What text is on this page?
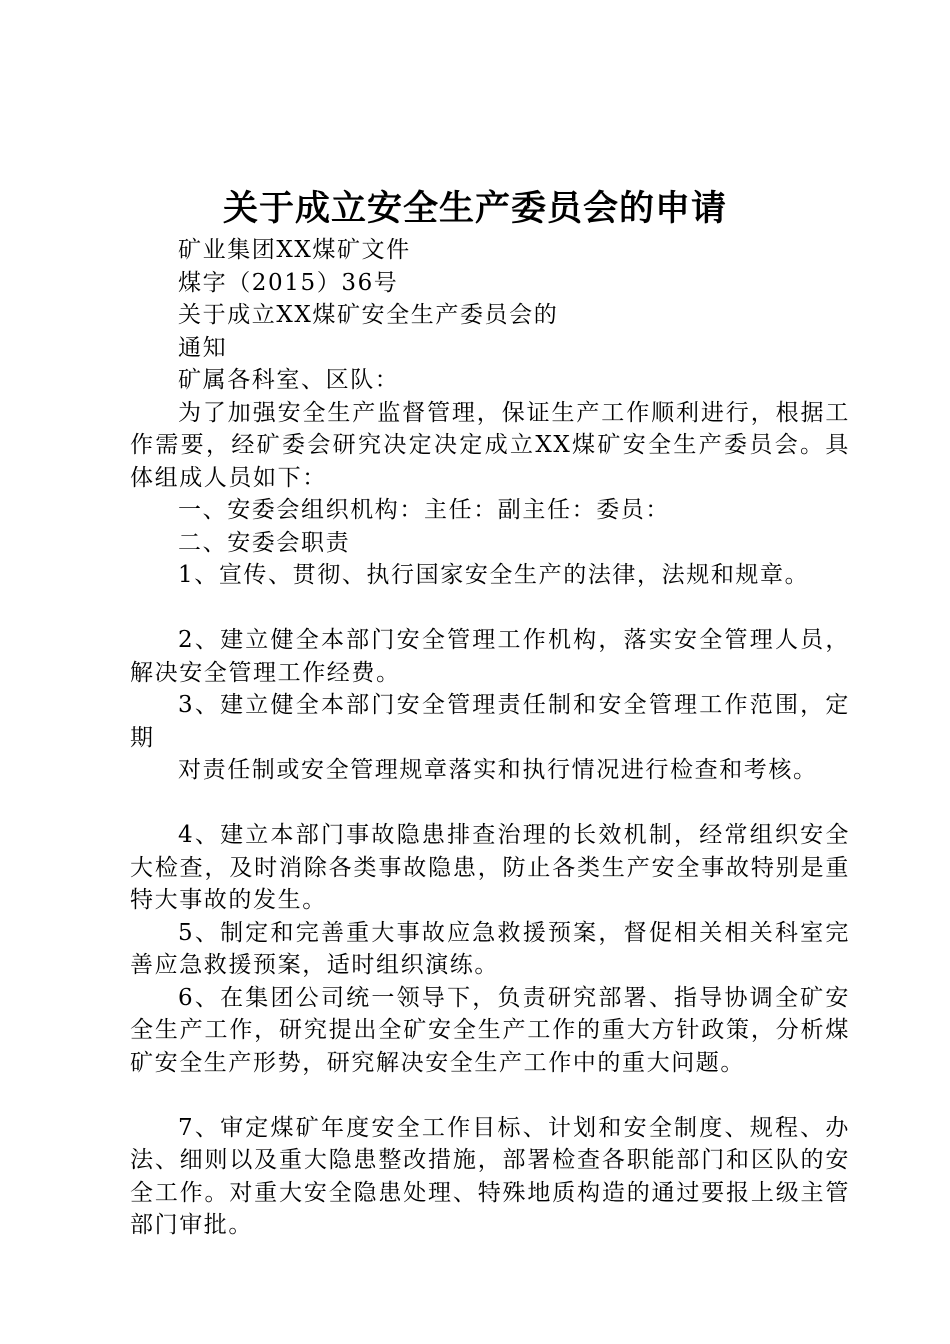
关于成立安全生产委员会的申请

矿业集团XX煤矿文件

煤字（2015）36号

关于成立XX煤矿安全生产委员会的

通知

矿属各科室、区队：

为了加强安全生产监督管理，保证生产工作顺利进行，根据工作需要，经矿委会研究决定决定成立XX煤矿安全生产委员会。具体组成人员如下：

一、安委会组织机构：主任：副主任：委员：

二、安委会职责

1、宣传、贯彻、执行国家安全生产的法律，法规和规章。

2、建立健全本部门安全管理工作机构，落实安全管理人员，解决安全管理工作经费。

3、建立健全本部门安全管理责任制和安全管理工作范围，定期

对责任制或安全管理规章落实和执行情况进行检查和考核。

4、建立本部门事故隐患排查治理的长效机制，经常组织安全大检查，及时消除各类事故隐患，防止各类生产安全事故特别是重特大事故的发生。

5、制定和完善重大事故应急救援预案，督促相关相关科室完善应急救援预案，适时组织演练。

6、在集团公司统一领导下，负责研究部署、指导协调全矿安全生产工作，研究提出全矿安全生产工作的重大方针政策，分析煤矿安全生产形势，研究解决安全生产工作中的重大问题。

7、审定煤矿年度安全工作目标、计划和安全制度、规程、办法、细则以及重大隐患整改措施，部署检查各职能部门和区队的安全工作。对重大安全隐患处理、特殊地质构造的通过要报上级主管部门审批。
